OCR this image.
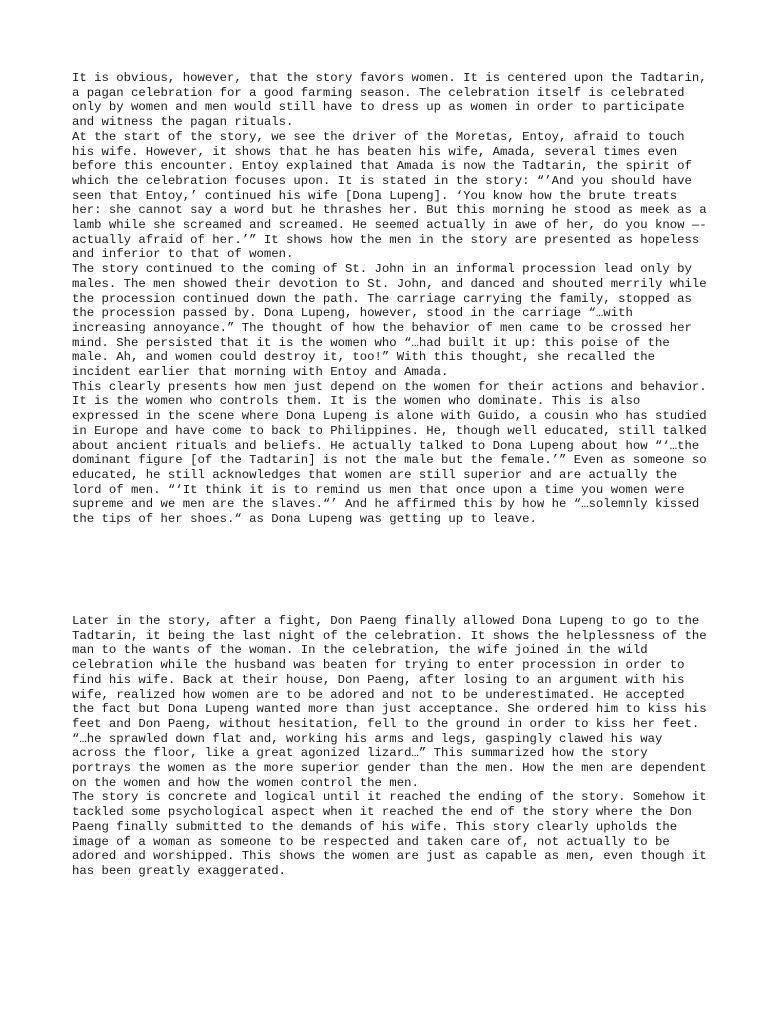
It is obvious, however, that the story favors women. It is centered upon the Tadtarin, a pagan celebration for a good farming season. The celebration itself is celebrated only by women and men would still have to dress up as women in order to participate and witness the pagan rituals.

At the start of the story, we see the driver of the Moretas, Entoy, afraid to touch his wife. However, it shows that he has beaten his wife, Amada, several times even before this encounter. Entoy explained that Amada is now the Tadtarin, the spirit of which the celebration focuses upon. It is stated in the story: “’And you should have seen that Entoy,’ continued his wife [Dona Lupeng]. ‘You know how the brute treats her: she cannot say a word but he thrashes her. But this morning he stood as meek as a lamb while she screamed and screamed. He seemed actually in awe of her, do you know —- actually afraid of her.’” It shows how the men in the story are presented as hopeless and inferior to that of women.

The story continued to the coming of St. John in an informal procession lead only by males. The men showed their devotion to St. John, and danced and shouted merrily while the procession continued down the path. The carriage carrying the family, stopped as the procession passed by. Dona Lupeng, however, stood in the carriage “…with increasing annoyance.” The thought of how the behavior of men came to be crossed her mind. She persisted that it is the women who “…had built it up: this poise of the male. Ah, and women could destroy it, too!” With this thought, she recalled the incident earlier that morning with Entoy and Amada.

This clearly presents how men just depend on the women for their actions and behavior. It is the women who controls them. It is the women who dominate. This is also expressed in the scene where Dona Lupeng is alone with Guido, a cousin who has studied in Europe and have come to back to Philippines. He, though well educated, still talked about ancient rituals and beliefs. He actually talked to Dona Lupeng about how “‘…the dominant figure [of the Tadtarin] is not the male but the female.’” Even as someone so educated, he still acknowledges that women are still superior and are actually the lord of men. “‘It think it is to remind us men that once upon a time you women were supreme and we men are the slaves.“’ And he affirmed this by how he “…solemnly kissed the tips of her shoes.“ as Dona Lupeng was getting up to leave.

Later in the story, after a fight, Don Paeng finally allowed Dona Lupeng to go to the Tadtarin, it being the last night of the celebration. It shows the helplessness of the man to the wants of the woman. In the celebration, the wife joined in the wild celebration while the husband was beaten for trying to enter procession in order to find his wife. Back at their house, Don Paeng, after losing to an argument with his wife, realized how women are to be adored and not to be underestimated. He accepted the fact but Dona Lupeng wanted more than just acceptance. She ordered him to kiss his feet and Don Paeng, without hesitation, fell to the ground in order to kiss her feet. “…he sprawled down flat and, working his arms and legs, gaspingly clawed his way across the floor, like a great agonized lizard…” This summarized how the story portrays the women as the more superior gender than the men. How the men are dependent on the women and how the women control the men.

The story is concrete and logical until it reached the ending of the story. Somehow it tackled some psychological aspect when it reached the end of the story where the Don Paeng finally submitted to the demands of his wife. This story clearly upholds the image of a woman as someone to be respected and taken care of, not actually to be adored and worshipped. This shows the women are just as capable as men, even though it has been greatly exaggerated.
